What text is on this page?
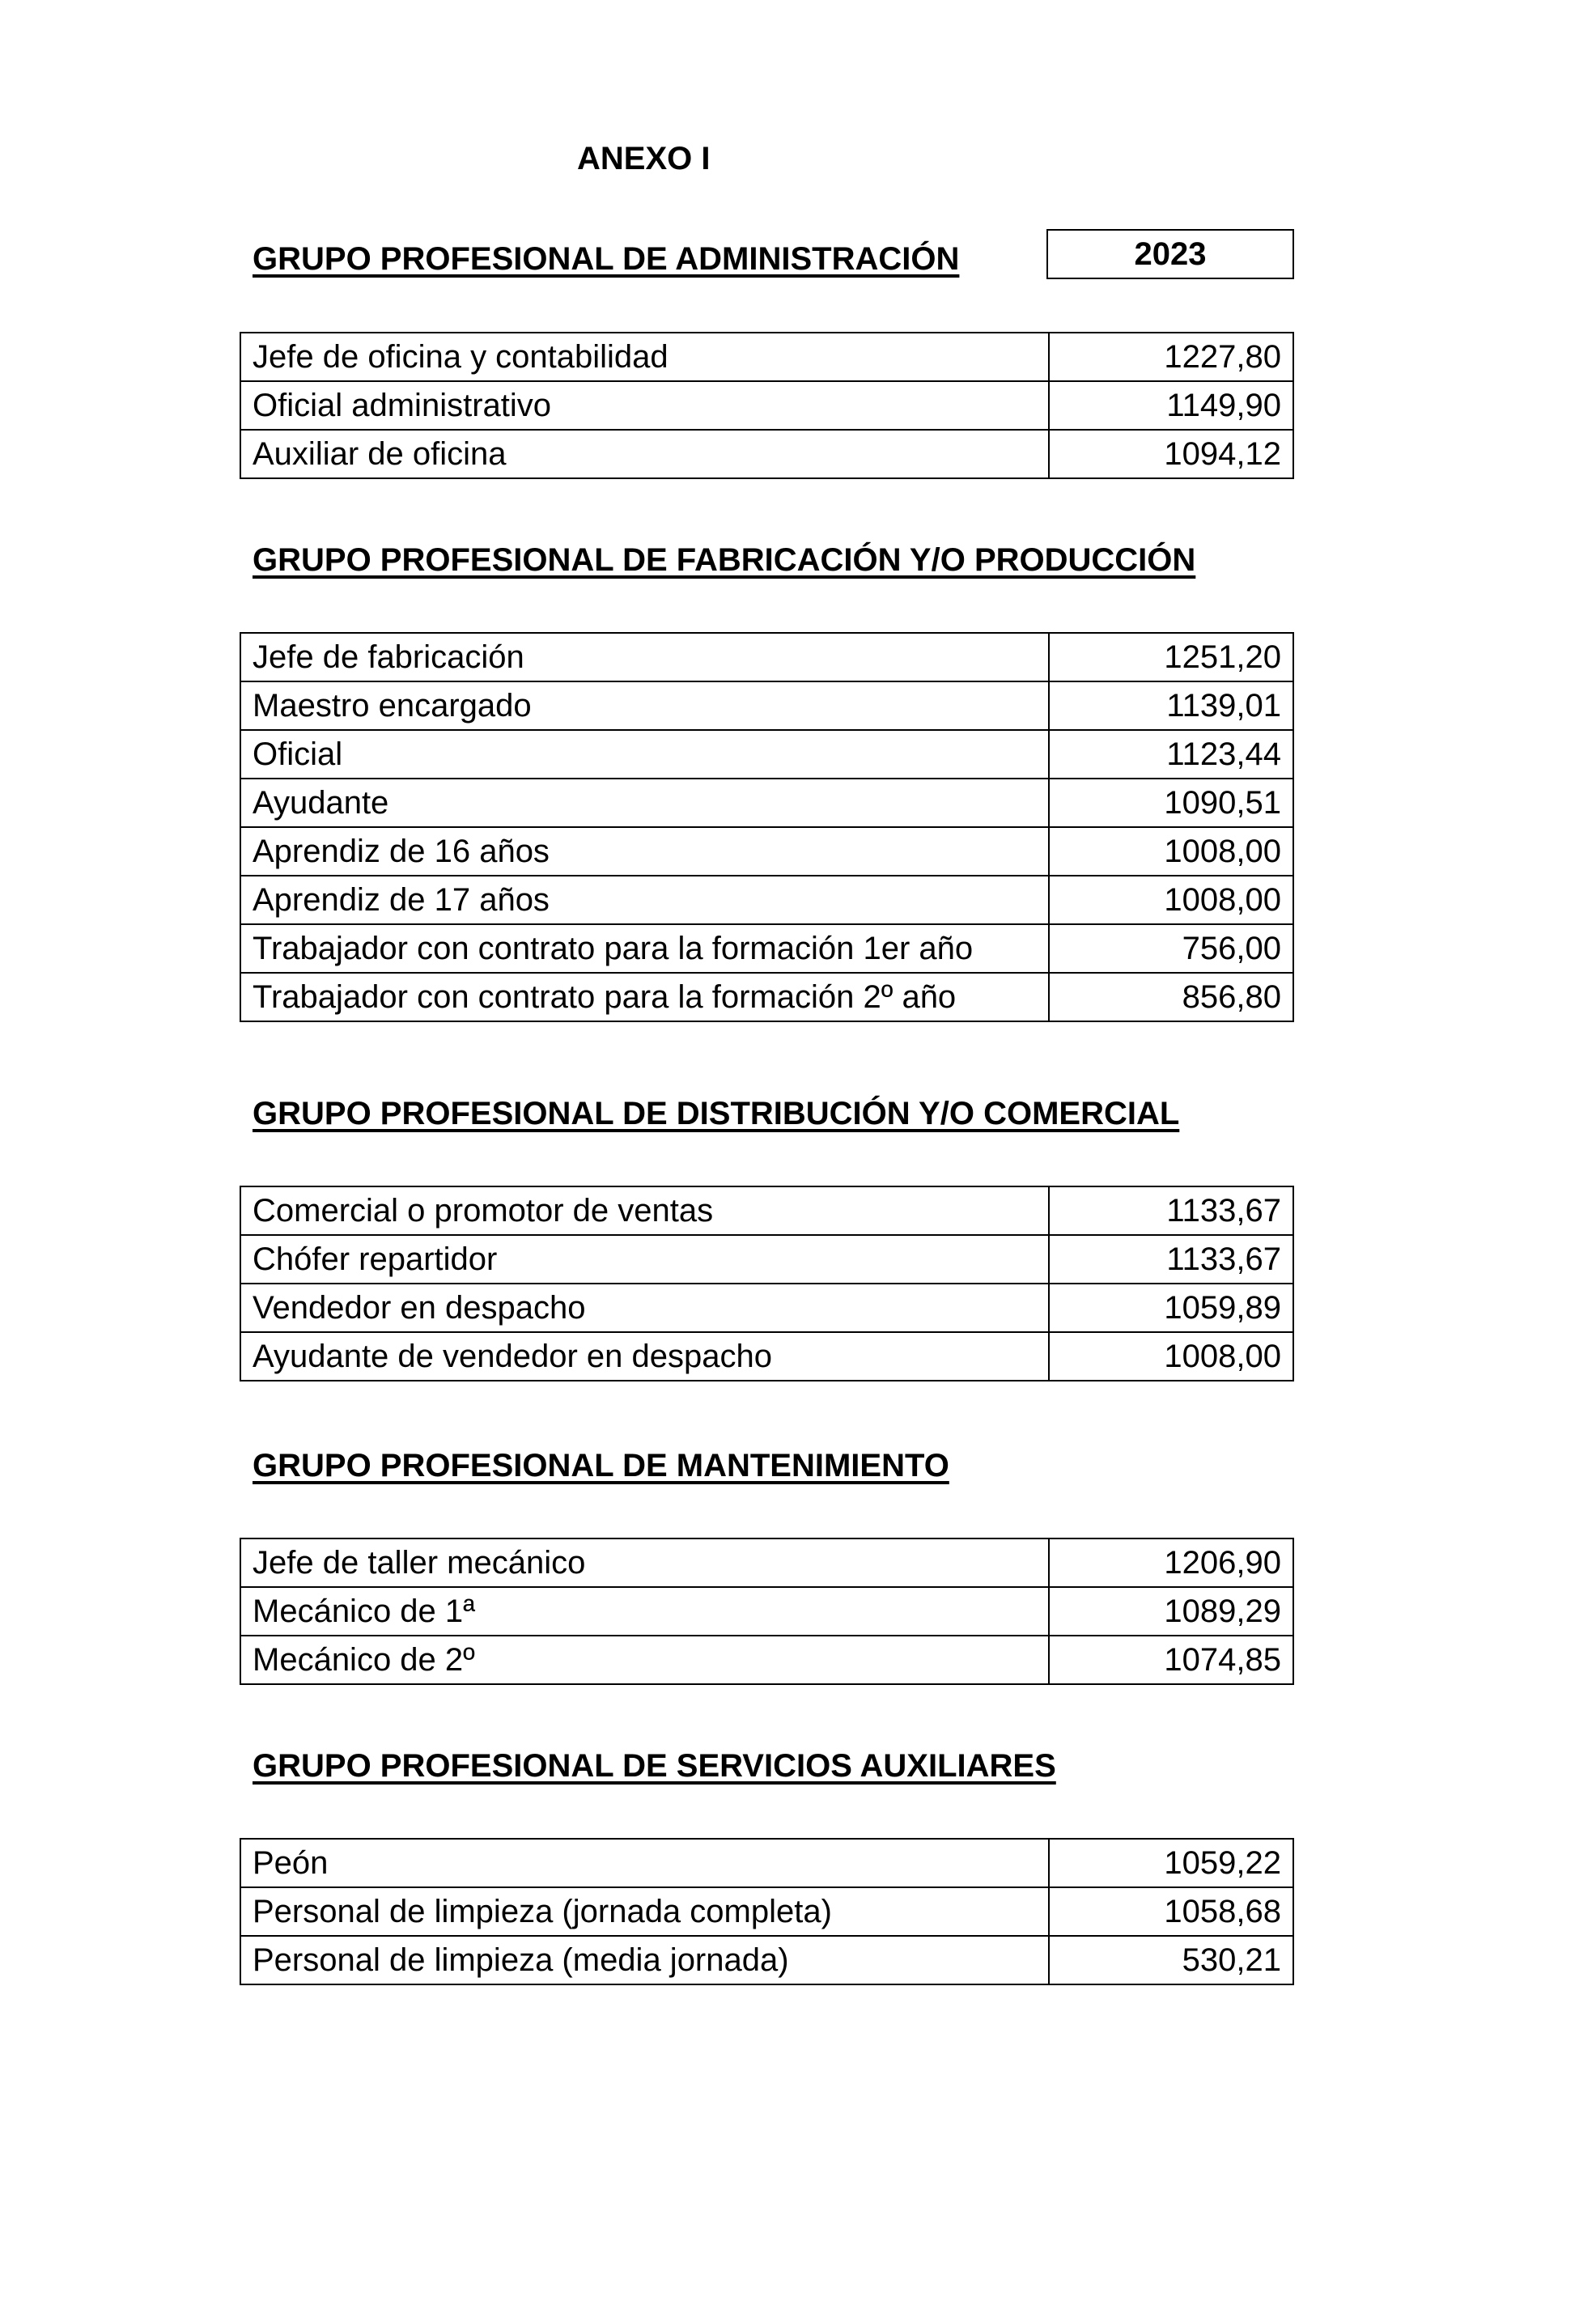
ANEXO I
GRUPO PROFESIONAL DE ADMINISTRACIÓN	2023
Jefe de oficina y contabilidad	1227,80
Oficial administrativo	1149,90
Auxiliar de oficina	1094,12
GRUPO PROFESIONAL DE FABRICACIÓN Y/O PRODUCCIÓN
Jefe de fabricación	1251,20
Maestro encargado	1139,01
Oficial	1123,44
Ayudante	1090,51
Aprendiz de 16 años	1008,00
Aprendiz de 17 años	1008,00
Trabajador con contrato para la formación 1er año	756,00
Trabajador con contrato para la formación 2º año	856,80
GRUPO PROFESIONAL DE DISTRIBUCIÓN Y/O COMERCIAL
Comercial o promotor de ventas	1133,67
Chófer repartidor	1133,67
Vendedor en despacho	1059,89
Ayudante de vendedor en despacho	1008,00
GRUPO PROFESIONAL DE MANTENIMIENTO
Jefe de taller mecánico	1206,90
Mecánico de 1ª	1089,29
Mecánico de 2º	1074,85
GRUPO PROFESIONAL DE SERVICIOS AUXILIARES
Peón	1059,22
Personal de limpieza (jornada completa)	1058,68
Personal de limpieza (media jornada)	530,21
